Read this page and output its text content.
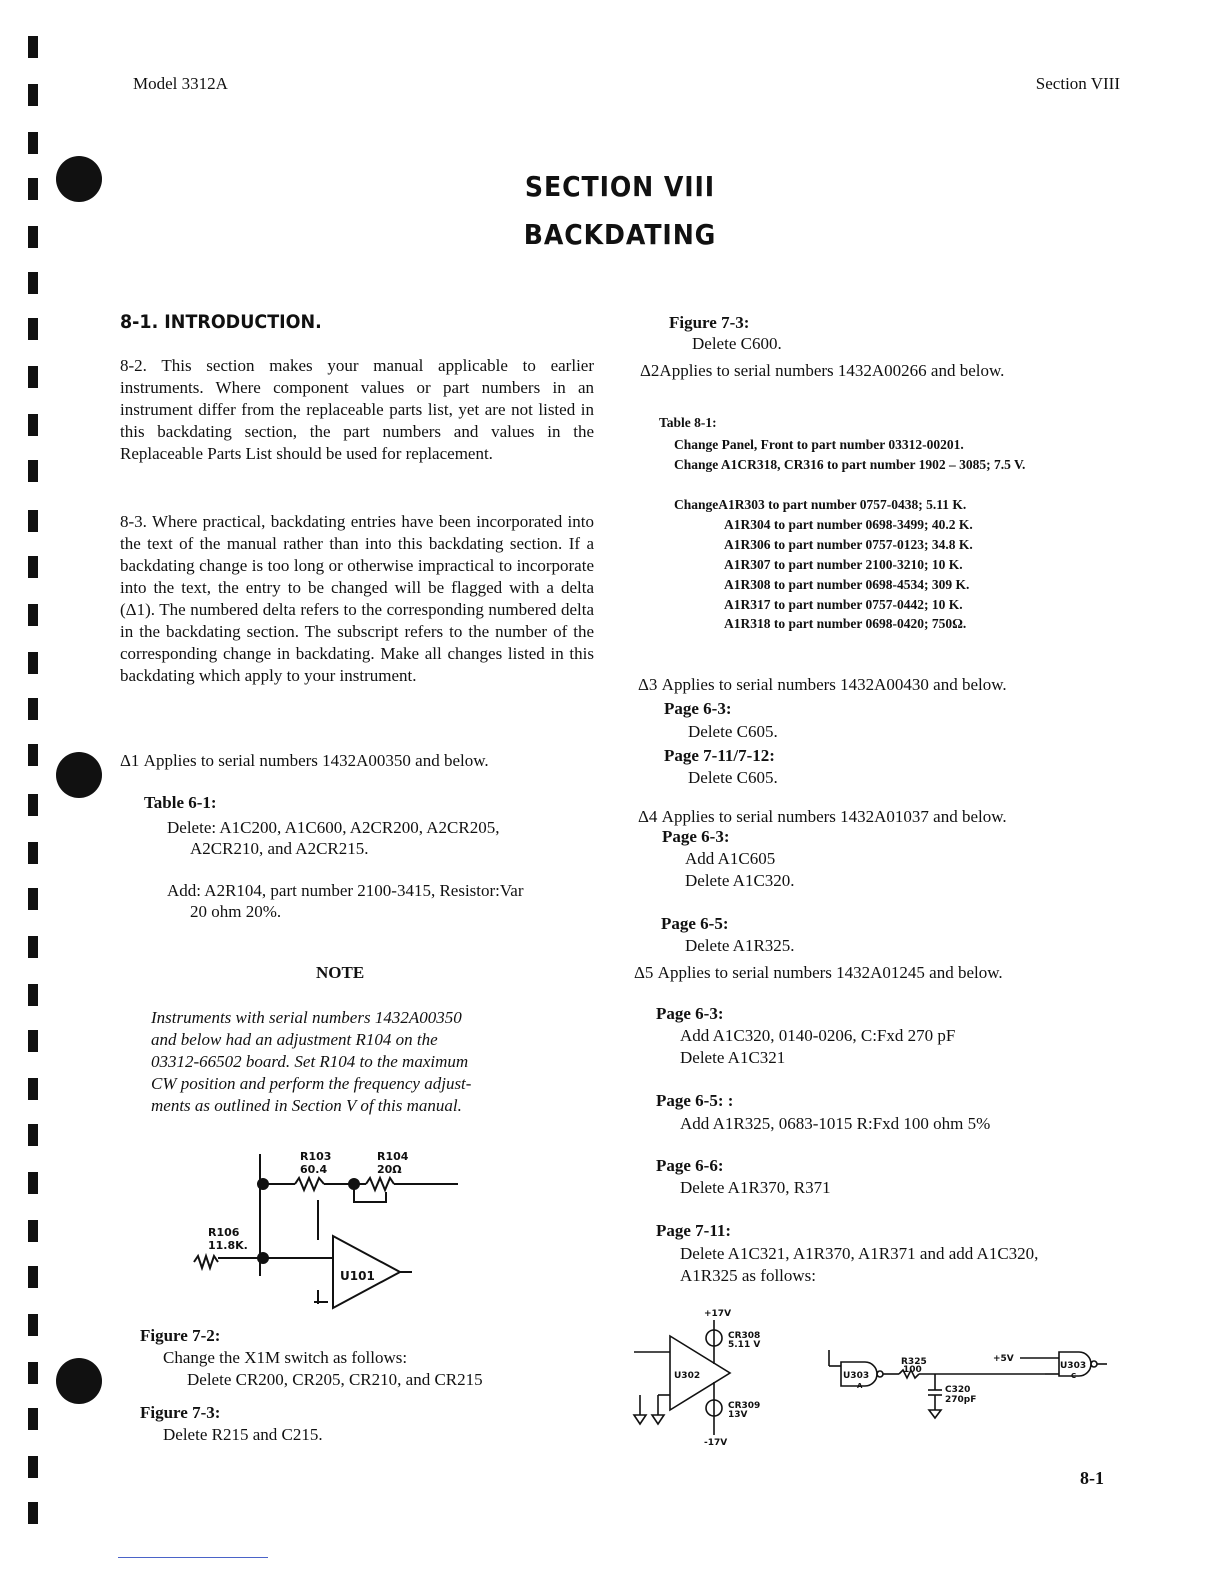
Model 3312A	Section VIII
SECTION VIII
BACKDATING
8-1. INTRODUCTION.
8-2. This section makes your manual applicable to earlier instruments. Where component values or part numbers in an instrument differ from the replaceable parts list, yet are not listed in this backdating section, the part numbers and values in the Replaceable Parts List should be used for replacement.
8-3. Where practical, backdating entries have been incorporated into the text of the manual rather than into this backdating section. If a backdating change is too long or otherwise impractical to incorporate into the text, the entry to be changed will be flagged with a delta (Δ1). The numbered delta refers to the corresponding numbered delta in the backdating section. The subscript refers to the number of the corresponding change in backdating. Make all changes listed in this backdating which apply to your instrument.
Δ1 Applies to serial numbers 1432A00350 and below.
Table 6-1:
Delete: A1C200, A1C600, A2CR200, A2CR205,
A2CR210, and A2CR215.
Add: A2R104, part number 2100-3415, Resistor:Var
20 ohm 20%.
NOTE
Instruments with serial numbers 1432A00350
and below had an adjustment R104 on the
03312-66502 board. Set R104 to the maximum
CW position and perform the frequency adjust-
ments as outlined in Section V of this manual.
R103
60.4
R104
20Ω
R106
11.8K.
U101
Figure 7-2:
Change the X1M switch as follows:
Delete CR200, CR205, CR210, and CR215
Figure 7-3:
Delete R215 and C215.
Figure 7-3:
Delete C600.
Δ2Applies to serial numbers 1432A00266 and below.
Table 8-1:
Change Panel, Front to part number 03312-00201.
Change A1CR318, CR316 to part number 1902 – 3085; 7.5 V.
ChangeA1R303 to part number 0757-0438; 5.11 K.
A1R304 to part number 0698-3499; 40.2 K.
A1R306 to part number 0757-0123; 34.8 K.
A1R307 to part number 2100-3210; 10 K.
A1R308 to part number 0698-4534; 309 K.
A1R317 to part number 0757-0442; 10 K.
A1R318 to part number 0698-0420; 750Ω.
Δ3 Applies to serial numbers 1432A00430 and below.
Page 6-3:
Delete C605.
Page 7-11/7-12:
Delete C605.
Δ4 Applies to serial numbers 1432A01037 and below.
Page 6-3:
Add A1C605
Delete A1C320.
Page 6-5:
Delete A1R325.
Δ5 Applies to serial numbers 1432A01245 and below.
Page 6-3:
Add A1C320, 0140-0206, C:Fxd 270 pF
Delete A1C321
Page 6-5: :
Add A1R325, 0683-1015 R:Fxd 100 ohm 5%
Page 6-6:
Delete A1R370, R371
Page 7-11:
Delete A1C321, A1R370, A1R371 and add A1C320,
A1R325 as follows:
+17V
CR308
5.11 V
U302
CR309
13V
-17V
U303
A
R325
100
C320
270pF
+5V
U303
C
8-1
